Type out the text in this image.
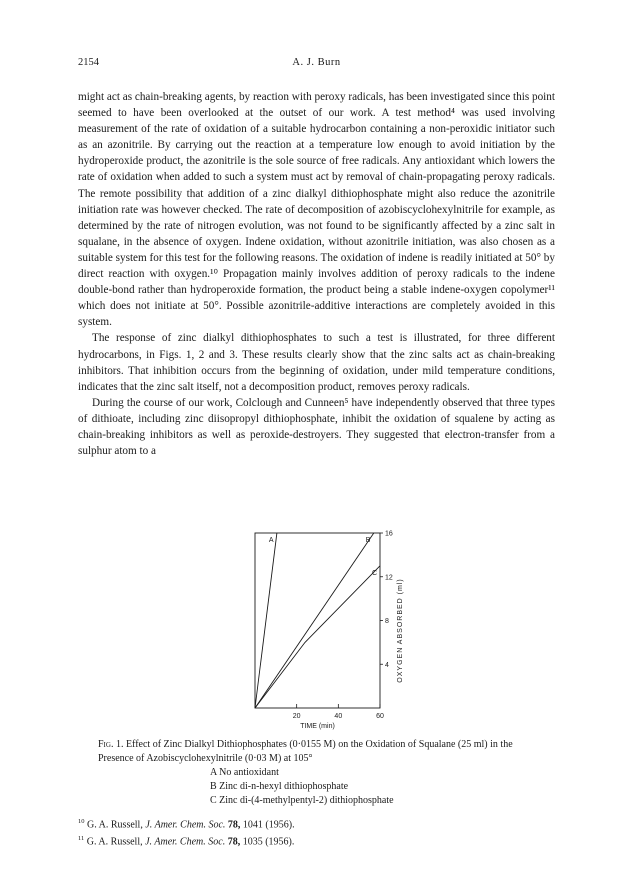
2154	A. J. Burn

might act as chain-breaking agents, by reaction with peroxy radicals, has been investigated since this point seemed to have been overlooked at the outset of our work. A test method⁴ was used involving measurement of the rate of oxidation of a suitable hydrocarbon containing a non-peroxidic initiator such as an azonitrile. By carrying out the reaction at a temperature low enough to avoid initiation by the hydroperoxide product, the azonitrile is the sole source of free radicals. Any antioxidant which lowers the rate of oxidation when added to such a system must act by removal of chain-propagating peroxy radicals. The remote possibility that addition of a zinc dialkyl dithiophosphate might also reduce the azonitrile initiation rate was however checked. The rate of decomposition of azobiscyclohexylnitrile for example, as determined by the rate of nitrogen evolution, was not found to be significantly affected by a zinc salt in squalane, in the absence of oxygen. Indene oxidation, without azonitrile initiation, was also chosen as a suitable system for this test for the following reasons. The oxidation of indene is readily initiated at 50° by direct reaction with oxygen.¹⁰ Propagation mainly involves addition of peroxy radicals to the indene double-bond rather than hydroperoxide formation, the product being a stable indene-oxygen copolymer¹¹ which does not initiate at 50°. Possible azonitrile-additive interactions are completely avoided in this system.

The response of zinc dialkyl dithiophosphates to such a test is illustrated, for three different hydrocarbons, in Figs. 1, 2 and 3. These results clearly show that the zinc salts act as chain-breaking inhibitors. That inhibition occurs from the beginning of oxidation, under mild temperature conditions, indicates that the zinc salt itself, not a decomposition product, removes peroxy radicals.

During the course of our work, Colclough and Cunneen⁵ have independently observed that three types of dithioate, including zinc diisopropyl dithiophosphate, inhibit the oxidation of squalene by acting as chain-breaking inhibitors as well as peroxide-destroyers. They suggested that electron-transfer from a sulphur atom to a

20	40	60
4
8
12
16
TIME (min)
OXYGEN ABSORBED (ml)
A	B
C
Fig. 1. Effect of Zinc Dialkyl Dithiophosphates (0·0155 M) on the Oxidation of Squalane (25 ml) in the Presence of Azobiscyclohexylnitrile (0·03 M) at 105°
A No antioxidant
B Zinc di-n-hexyl dithiophosphate
C Zinc di-(4-methylpentyl-2) dithiophosphate
$^{10}$ G. A. Russell, J. Amer. Chem. Soc. 78, 1041 (1956).
$^{11}$ G. A. Russell, J. Amer. Chem. Soc. 78, 1035 (1956).
